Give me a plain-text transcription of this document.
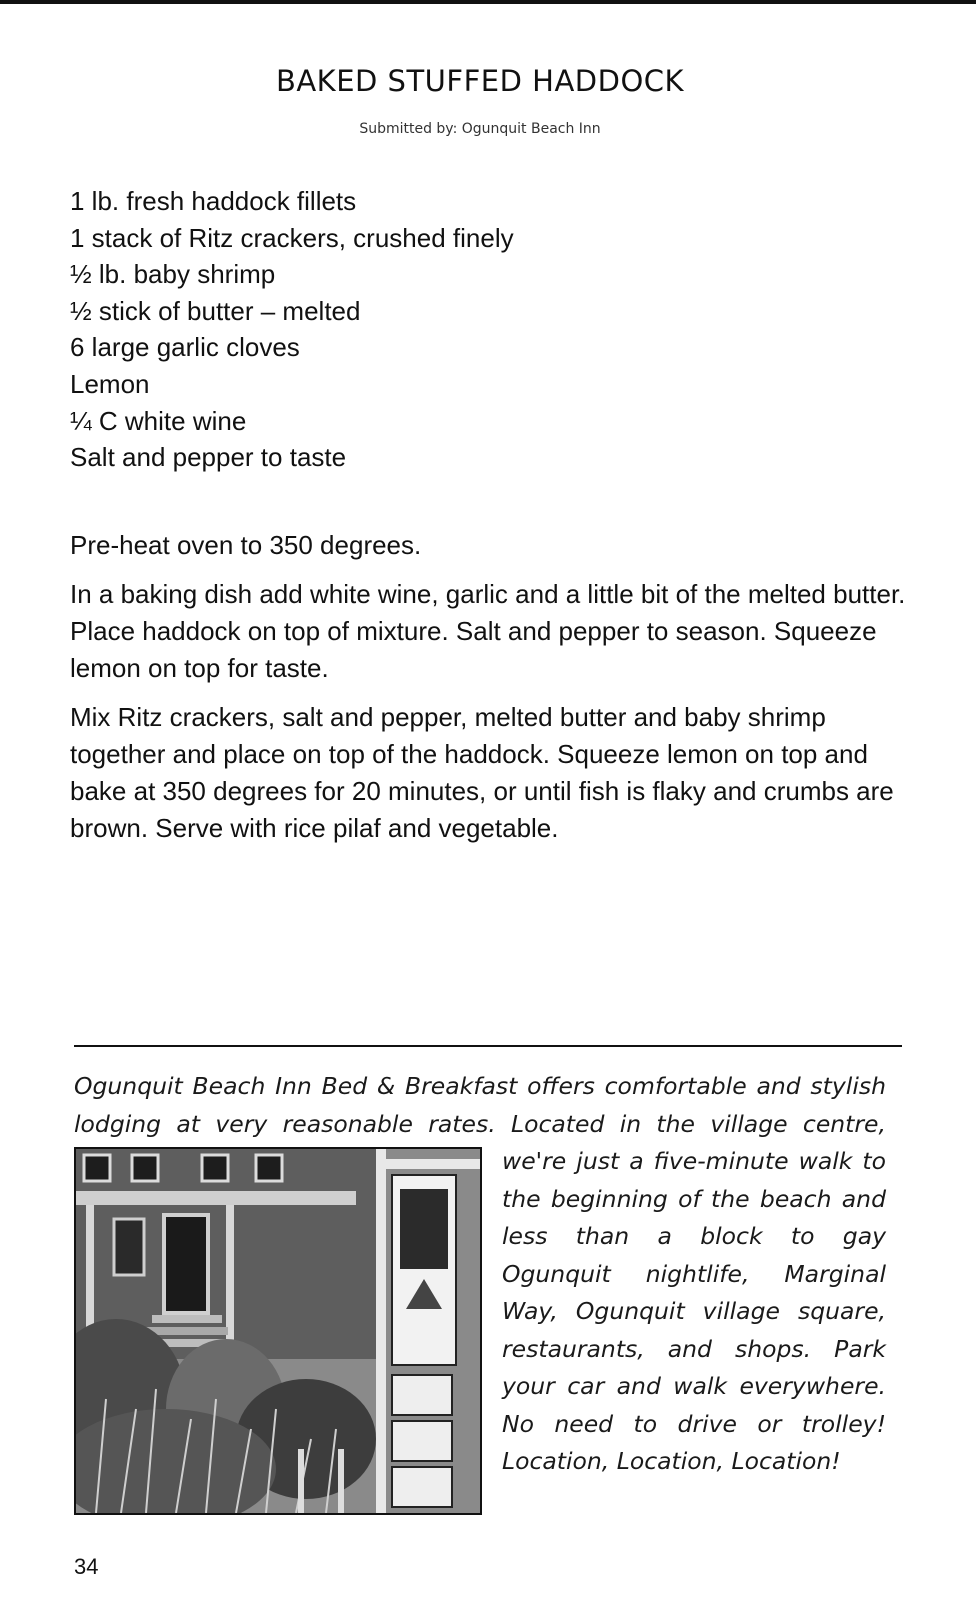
BAKED STUFFED HADDOCK
Submitted by: Ogunquit Beach Inn
1 lb. fresh haddock fillets
1 stack of Ritz crackers, crushed finely
½ lb. baby shrimp
½ stick of butter – melted
6 large garlic cloves
Lemon
¼ C white wine
Salt and pepper to taste

Pre-heat oven to 350 degrees.

In a baking dish add white wine, garlic and a little bit of the melted butter. Place haddock on top of mixture. Salt and pepper to season. Squeeze lemon on top for taste.

Mix Ritz crackers, salt and pepper, melted butter and baby shrimp together and place on top of the haddock. Squeeze lemon on top and bake at 350 degrees for 20 minutes, or until fish is flaky and crumbs are brown. Serve with rice pilaf and vegetable.

Ogunquit Beach Inn Bed & Breakfast offers comfortable and stylish lodging at very reasonable rates.
Located in the village centre, we're just a five-minute walk to the beginning of the beach and less than a block to gay Ogunquit nightlife, Marginal Way, Ogunquit village square, restaurants, and shops. Park your car and walk everywhere. No need to drive or trolley! Location, Location, Location!
34
